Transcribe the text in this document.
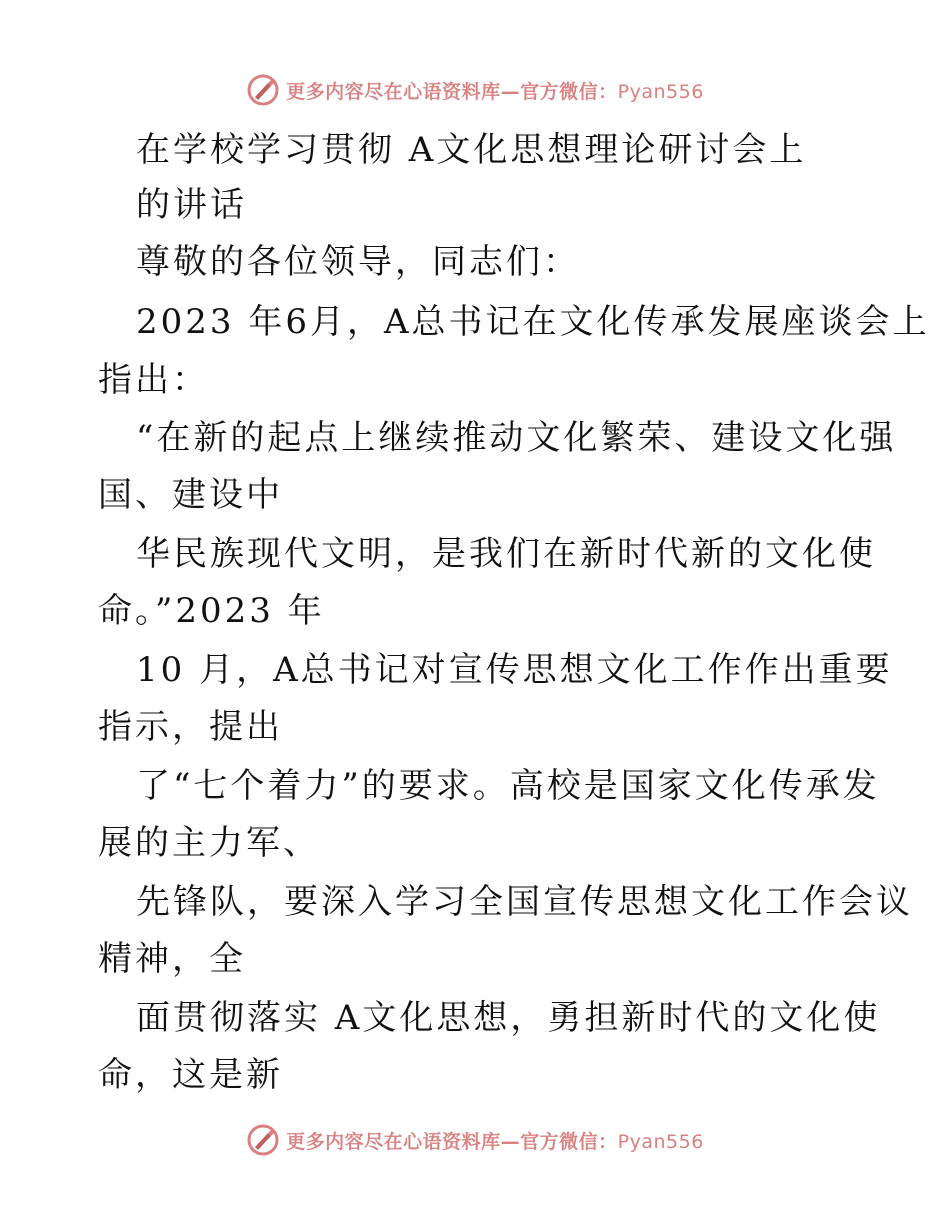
更多内容尽在心语资料库—官方微信：Pyan556
在学校学习贯彻 A文化思想理论研讨会上
的讲话
尊敬的各位领导，同志们：
2023 年6月，A总书记在文化传承发展座谈会上
指出：
“在新的起点上继续推动文化繁荣、建设文化强
国、建设中
华民族现代文明，是我们在新时代新的文化使
命。”2023 年
10 月，A总书记对宣传思想文化工作作出重要
指示，提出
了“七个着力”的要求。高校是国家文化传承发
展的主力军、
先锋队，要深入学习全国宣传思想文化工作会议
精神，全
面贯彻落实 A文化思想，勇担新时代的文化使
命，这是新
更多内容尽在心语资料库—官方微信：Pyan556
